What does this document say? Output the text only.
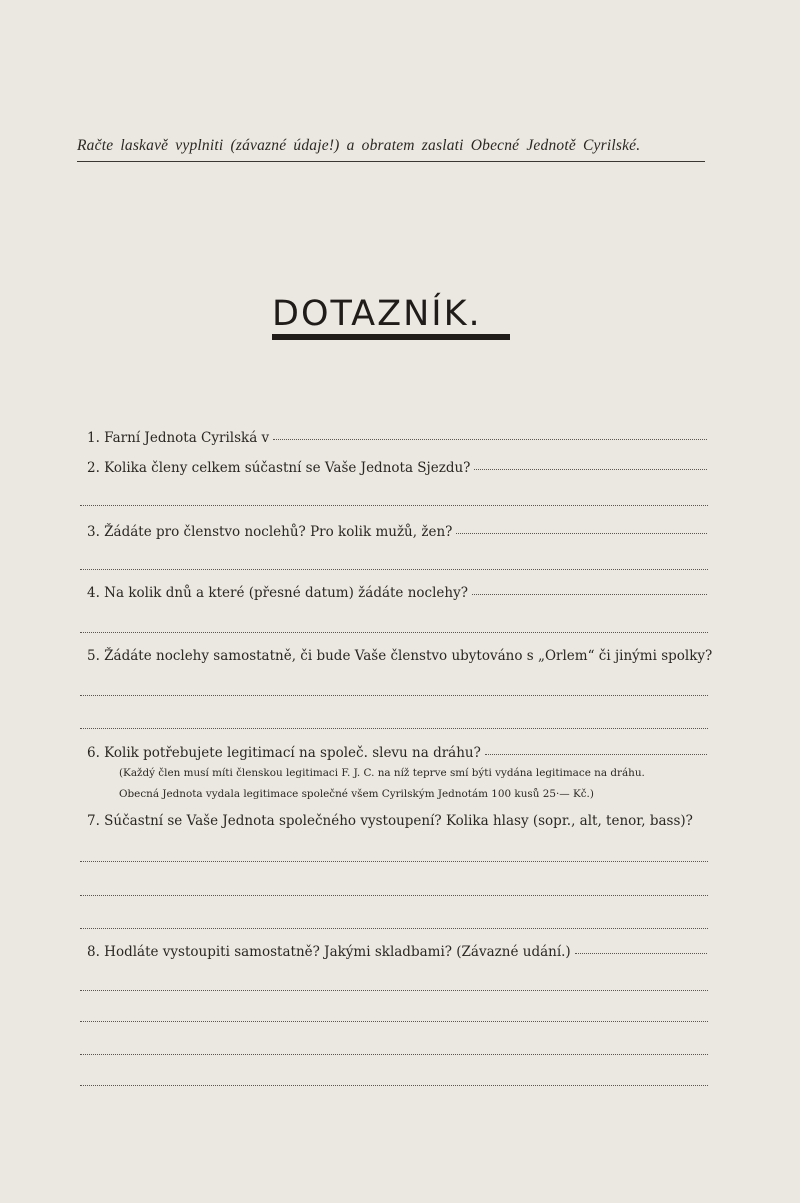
Račte laskavě vyplniti (závazné údaje!) a obratem zaslati Obecné Jednotě Cyrilské.
DOTAZNÍK.
1. Farní Jednota Cyrilská v
2. Kolika členy celkem súčastní se Vaše Jednota Sjezdu?
3. Žádáte pro členstvo noclehů? Pro kolik mužů, žen?
4. Na kolik dnů a které (přesné datum) žádáte noclehy?
5. Žádáte noclehy samostatně, či bude Vaše členstvo ubytováno s „Orlem“ či jinými spolky?
6. Kolik potřebujete legitimací na společ. slevu na dráhu?
(Každý člen musí míti členskou legitimaci F. J. C. na níž teprve smí býti vydána legitimace na dráhu.
Obecná Jednota vydala legitimace společné všem Cyrilským Jednotám 100 kusů 25·— Kč.)
7. Súčastní se Vaše Jednota společného vystoupení? Kolika hlasy (sopr., alt, tenor, bass)?
8. Hodláte vystoupiti samostatně? Jakými skladbami? (Závazné udání.)
